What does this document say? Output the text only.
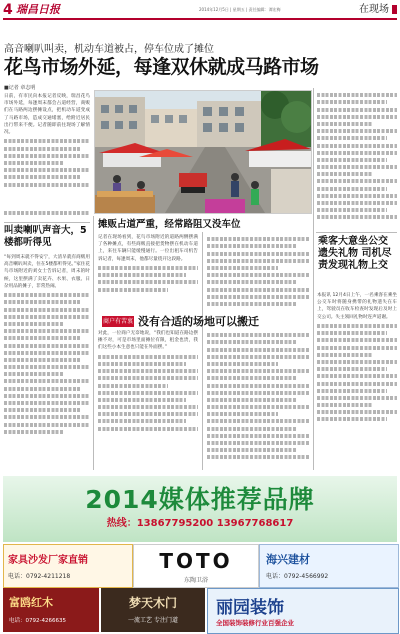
4 瑞昌日报	2014年12月5日 | 星期五 | 责任编辑：谭宏梅	在现场
高音喇叭叫卖，机动车道被占，停车位成了摊位
花鸟市场外延，每逢双休就成马路市场
■记者 章志明
日前，有市民向本报记者反映，瑞昌花鸟市场外延，每逢周末都会占道经营，商贩们在马路两边摆摊设点，把机动车道变成了马路市场，造成交通堵塞，给附近居民出行带来不便。记者随即前往现场了解情况。
乘客大意坐公交遗失礼物 司机尽责发现礼物上交
本报讯 12月4日上午，一名乘客在乘坐公交车时将随身携带的礼物遗失在车上，驾驶员在收车检查时发现后及时上交公司。失主领回礼物时连声道谢。
叫卖喇叭声音大，5楼都听得见
“每到周末就不得安宁，大清早就有商贩用高音喇叭叫卖，住在5楼都听得见。”家住花鸟市场附近的刘女士告诉记者，周末的时候，这里摆满了卖花卉、水果、衣服、日杂用品的摊子，非常热闹。
摊贩占道严重，经常路阻又没车位
记者在现场看到，花鸟市场附近的道路两侧摆满了各种摊点，有些商贩直接把货物摆在机动车道上，来往车辆只能缓慢通行。一位出租车司机告诉记者，每逢周末，他都尽量绕开这段路。
商户有苦衷 没有合适的场地可以搬迁
对此，一位商户无奈地说，“我们也知道在路边摆摊不对，可是市场里面摊位有限，租金也贵，我们这些小本生意也只能在外面摆。”
2014媒体推荐品牌
热线：13867795200 13967768617
家具沙发厂家直销
电话：0792-4211218
TOTO
东陶卫浴
海兴建材
电话：0792-4566992
富鸥红木
电话：0792-4266635
梦天木门
一流工艺 专注门道
丽园装饰
全国装饰装修行业百强企业
